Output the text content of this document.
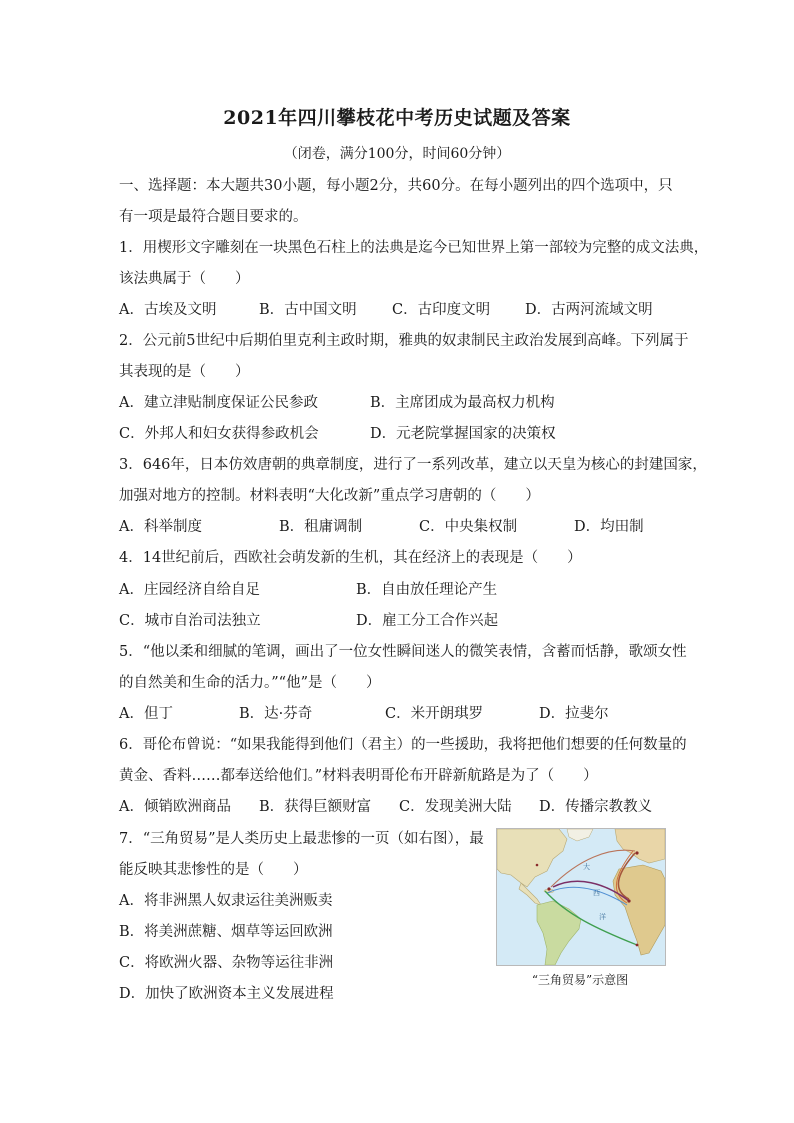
2021年四川攀枝花中考历史试题及答案
（闭卷，满分100分，时间60分钟）
一、选择题：本大题共30小题，每小题2分，共60分。在每小题列出的四个选项中，只
有一项是最符合题目要求的。
1．用楔形文字雕刻在一块黑色石柱上的法典是迄今已知世界上第一部较为完整的成文法典，
该法典属于（　　）
A．古埃及文明	B．古中国文明 C．古印度文明 D．古两河流域文明
2．公元前5世纪中后期伯里克利主政时期，雅典的奴隶制民主政治发展到高峰。下列属于
其表现的是（　　）
A．建立津贴制度保证公民参政	B．主席团成为最高权力机构
C．外邦人和妇女获得参政机会	D．元老院掌握国家的决策权
3．646年，日本仿效唐朝的典章制度，进行了一系列改革，建立以天皇为核心的封建国家，
加强对地方的控制。材料表明“大化改新”重点学习唐朝的（　　）
A．科举制度	B．租庸调制	C．中央集权制	D．均田制
4．14世纪前后，西欧社会萌发新的生机，其在经济上的表现是（　　）
A．庄园经济自给自足	B．自由放任理论产生
C．城市自治司法独立	D．雇工分工合作兴起
5．“他以柔和细腻的笔调，画出了一位女性瞬间迷人的微笑表情，含蓄而恬静，歌颂女性
的自然美和生命的活力。”“他”是（　　）
A．但丁	B．达·芬奇	C．米开朗琪罗	D．拉斐尔
6．哥伦布曾说：“如果我能得到他们（君主）的一些援助，我将把他们想要的任何数量的
黄金、香料……都奉送给他们。”材料表明哥伦布开辟新航路是为了（　　）
A．倾销欧洲商品 B．获得巨额财富 C．发现美洲大陆 D．传播宗教教义
7．“三角贸易”是人类历史上最悲惨的一页（如右图），最
能反映其悲惨性的是（　　）
A．将非洲黑人奴隶运往美洲贩卖
B．将美洲蔗糖、烟草等运回欧洲
C．将欧洲火器、杂物等运往非洲
D．加快了欧洲资本主义发展进程
大
西
洋
“三角贸易”示意图
